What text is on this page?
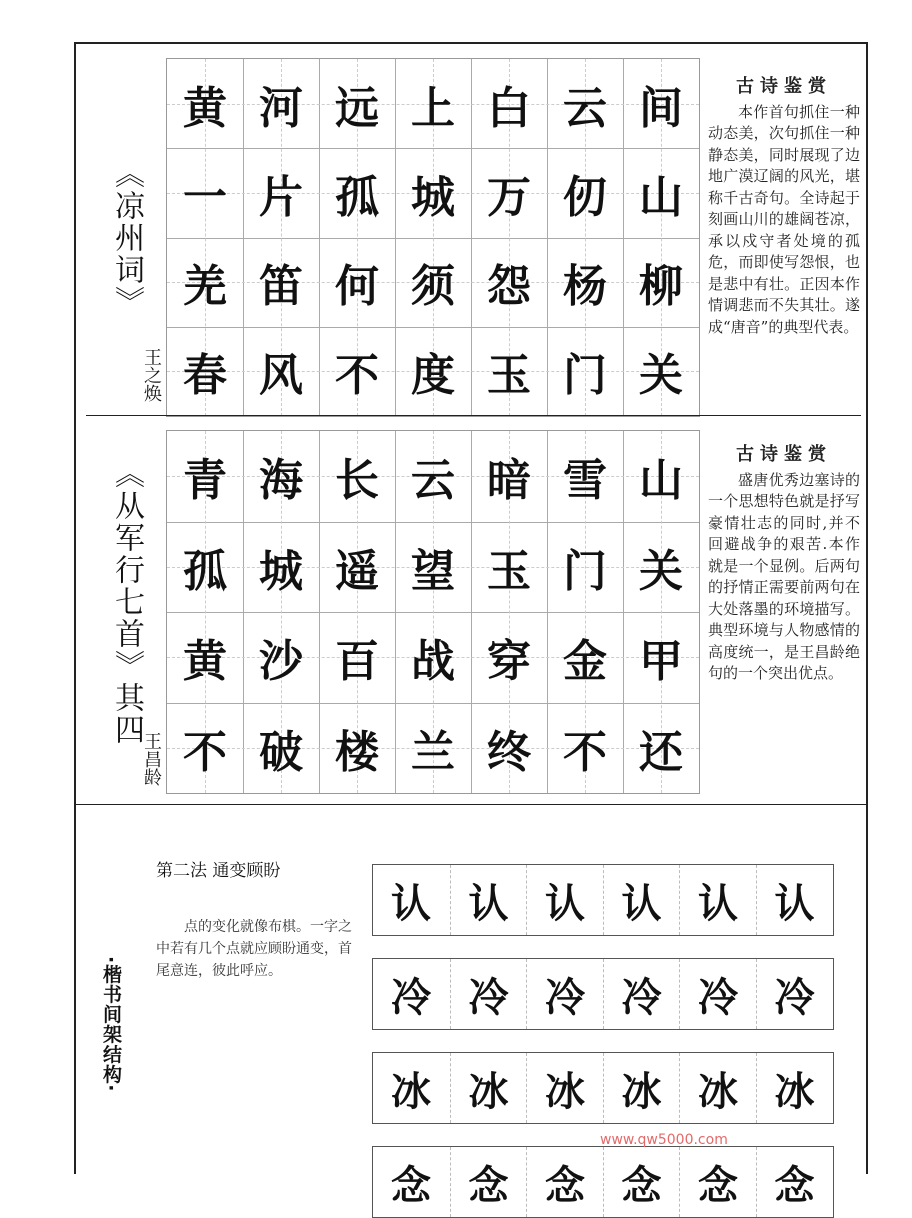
《凉州词》
王之焕
黄
一
羌
春
河
片
笛
风
远
孤
何
不
上
城
须
度
白
万
怨
玉
云
仞
杨
门
间
山
柳
关
古诗鉴赏
本作首句抓住一种动态美，次句抓住一种静态美，同时展现了边地广漠辽阔的风光，堪称千古奇句。全诗起于刻画山川的雄阔苍凉，承以戍守者处境的孤危，而即使写怨恨，也是悲中有壮。正因本作情调悲而不失其壮。遂成“唐音”的典型代表。
《从军行七首》其四
王昌龄
青
孤
黄
不
海
城
沙
破
长
遥
百
楼
云
望
战
兰
暗
玉
穿
终
雪
门
金
不
山
关
甲
还
古诗鉴赏
盛唐优秀边塞诗的一个思想特色就是抒写豪情壮志的同时,并不回避战争的艰苦.本作就是一个显例。后两句的抒情正需要前两句在大处落墨的环境描写。典型环境与人物感情的高度统一，是王昌龄绝句的一个突出优点。
第二法 通变顾盼
点的变化就像布棋。一字之中若有几个点就应顾盼通变，首尾意连，彼此呼应。
·楷书间架结构·
认 认 认 认 认 认
冷 冷 冷 冷 冷 冷
冰 冰 冰 冰 冰 冰
念 念 念 念 念 念
www.qw5000.com
